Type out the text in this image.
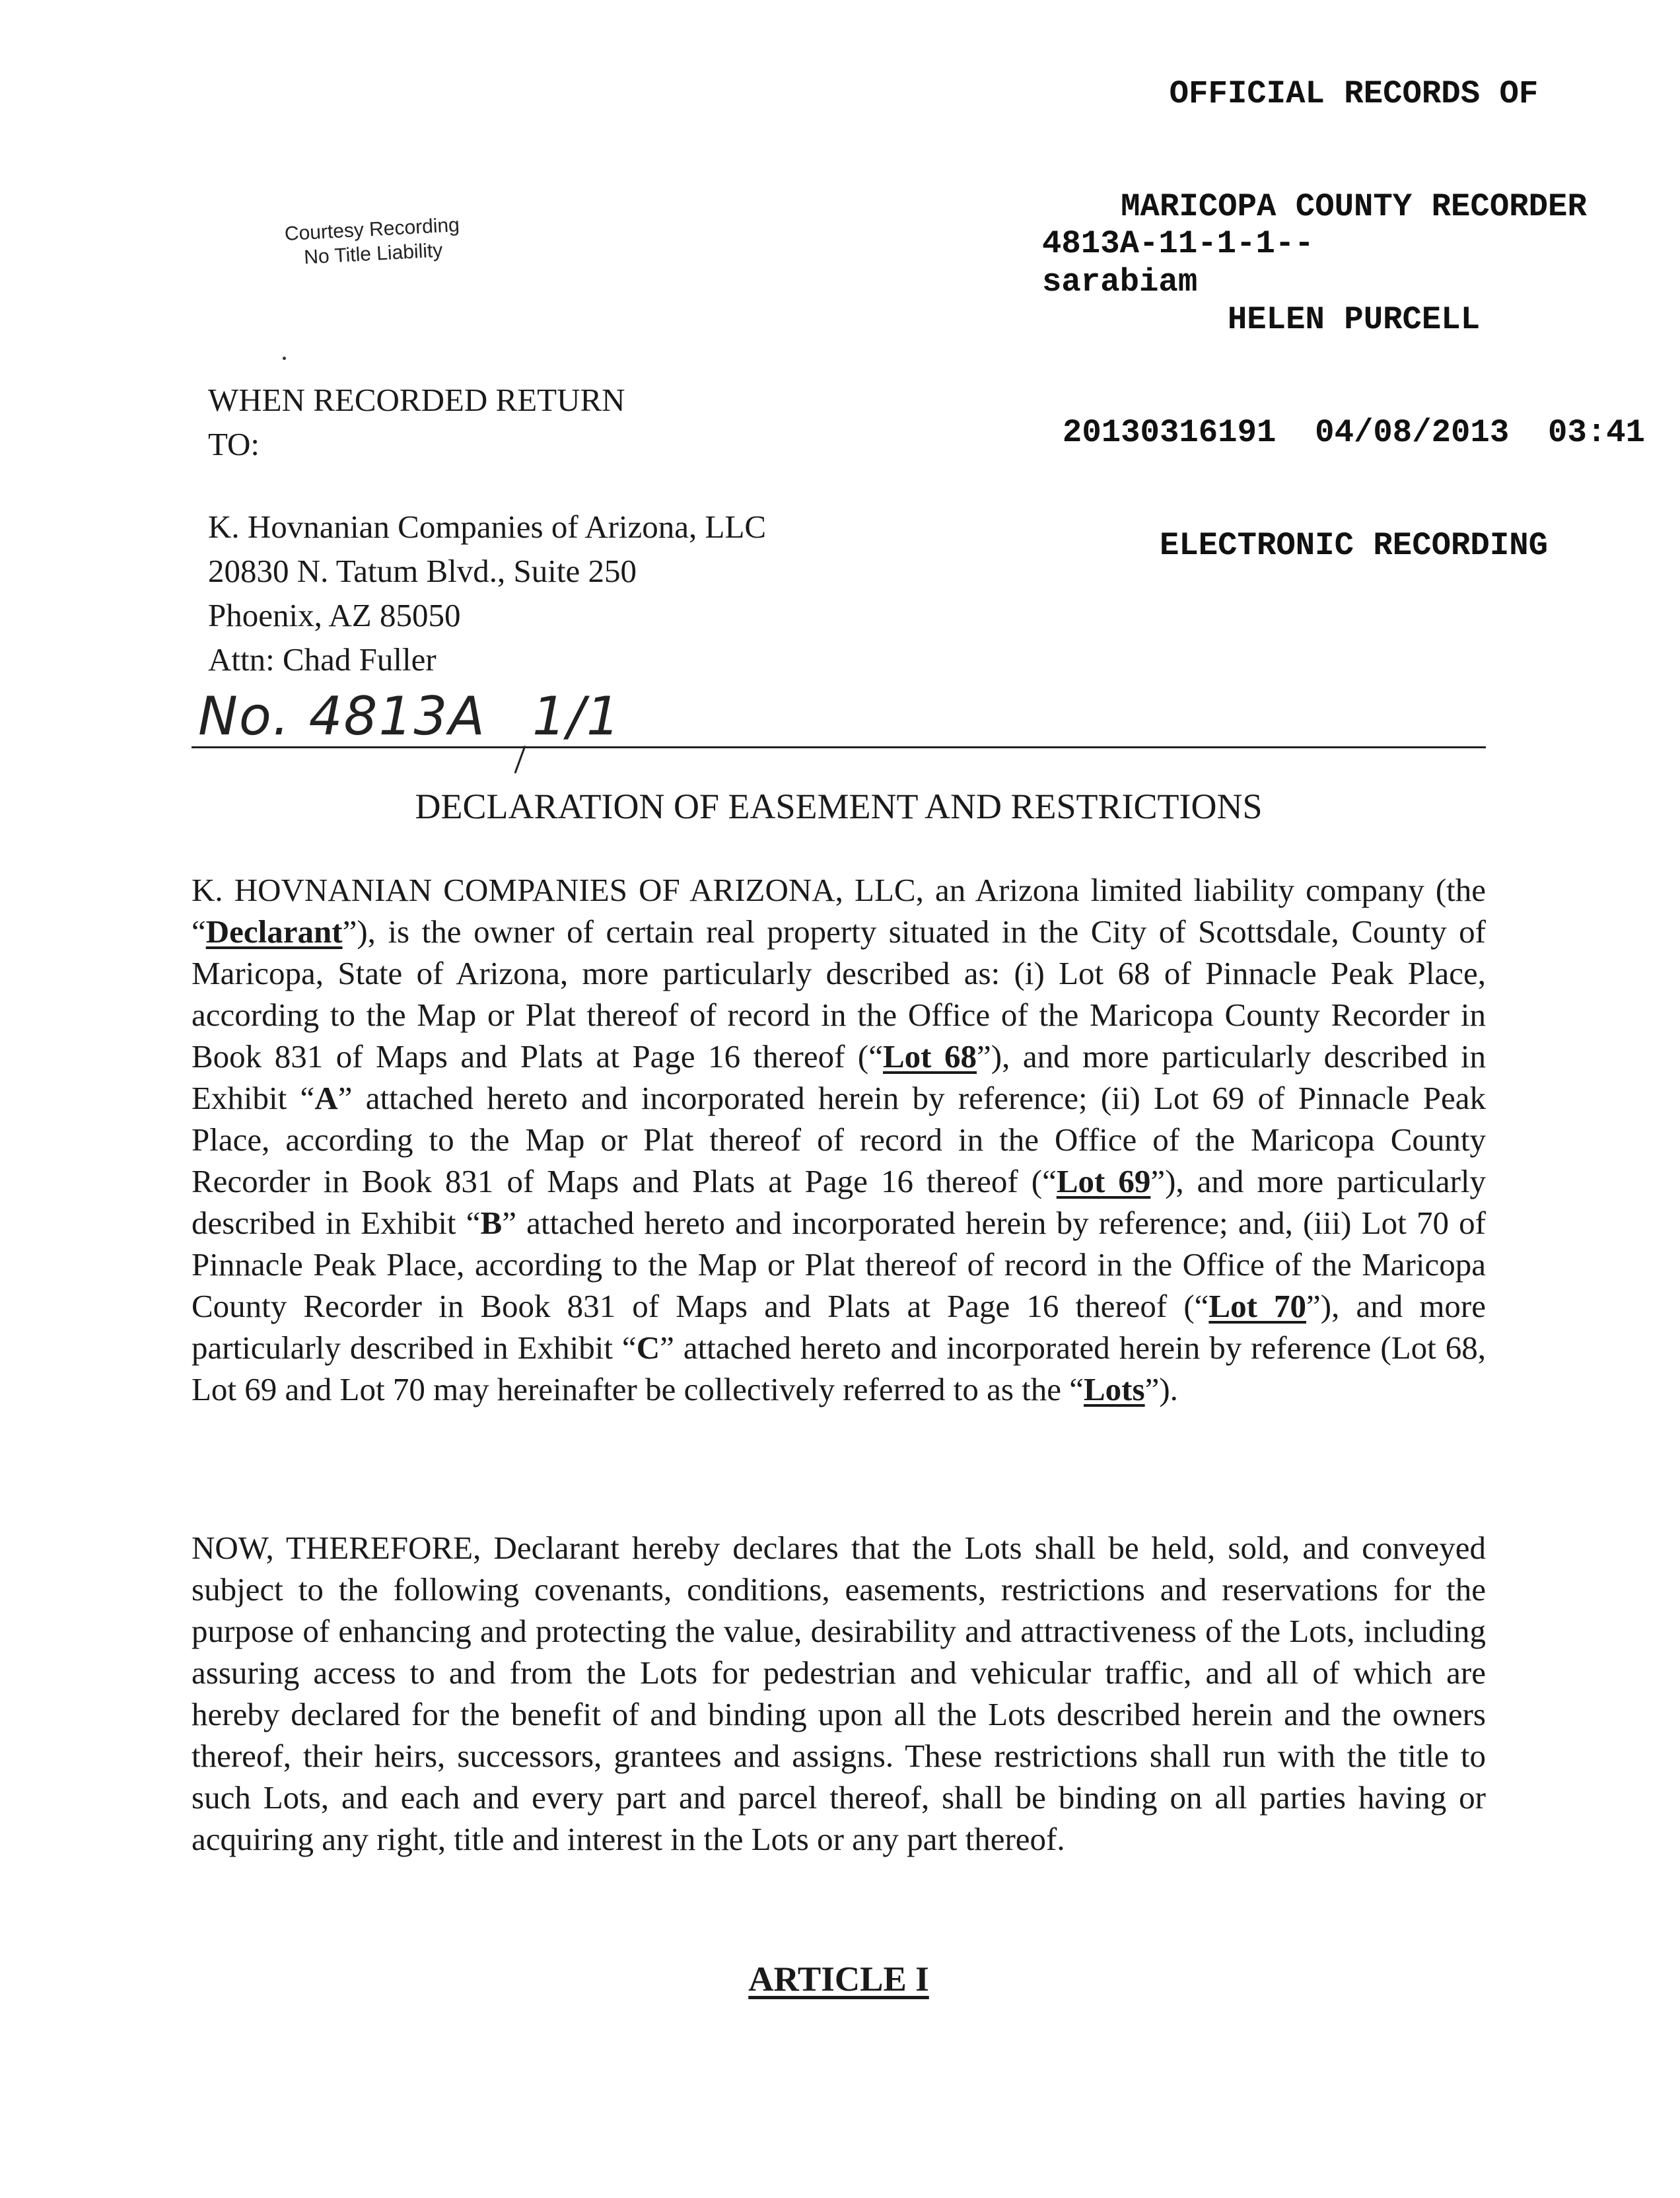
OFFICIAL RECORDS OF

MARICOPA COUNTY RECORDER

HELEN PURCELL

20130316191  04/08/2013  03:41

ELECTRONIC RECORDING

4813A-11-1-1--
sarabiam
Courtesy Recording
No Title Liability
WHEN RECORDED RETURN
TO:
K. Hovnanian Companies of Arizona, LLC
20830 N. Tatum Blvd., Suite 250
Phoenix, AZ 85050
Attn: Chad Fuller
No. 4813A 1/1
DECLARATION OF EASEMENT AND RESTRICTIONS
K. HOVNANIAN COMPANIES OF ARIZONA, LLC, an Arizona limited liability company (the “Declarant”), is the owner of certain real property situated in the City of Scottsdale, County of Maricopa, State of Arizona, more particularly described as: (i) Lot 68 of Pinnacle Peak Place, according to the Map or Plat thereof of record in the Office of the Maricopa County Recorder in Book 831 of Maps and Plats at Page 16 thereof (“Lot 68”), and more particularly described in Exhibit “A” attached hereto and incorporated herein by reference; (ii) Lot 69 of Pinnacle Peak Place, according to the Map or Plat thereof of record in the Office of the Maricopa County Recorder in Book 831 of Maps and Plats at Page 16 thereof (“Lot 69”), and more particularly described in Exhibit “B” attached hereto and incorporated herein by reference; and, (iii) Lot 70 of Pinnacle Peak Place, according to the Map or Plat thereof of record in the Office of the Maricopa County Recorder in Book 831 of Maps and Plats at Page 16 thereof (“Lot 70”), and more particularly described in Exhibit “C” attached hereto and incorporated herein by reference (Lot 68, Lot 69 and Lot 70 may hereinafter be collectively referred to as the “Lots”).
NOW, THEREFORE, Declarant hereby declares that the Lots shall be held, sold, and conveyed subject to the following covenants, conditions, easements, restrictions and reservations for the purpose of enhancing and protecting the value, desirability and attractiveness of the Lots, including assuring access to and from the Lots for pedestrian and vehicular traffic, and all of which are hereby declared for the benefit of and binding upon all the Lots described herein and the owners thereof, their heirs, successors, grantees and assigns. These restrictions shall run with the title to such Lots, and each and every part and parcel thereof, shall be binding on all parties having or acquiring any right, title and interest in the Lots or any part thereof.
ARTICLE I
